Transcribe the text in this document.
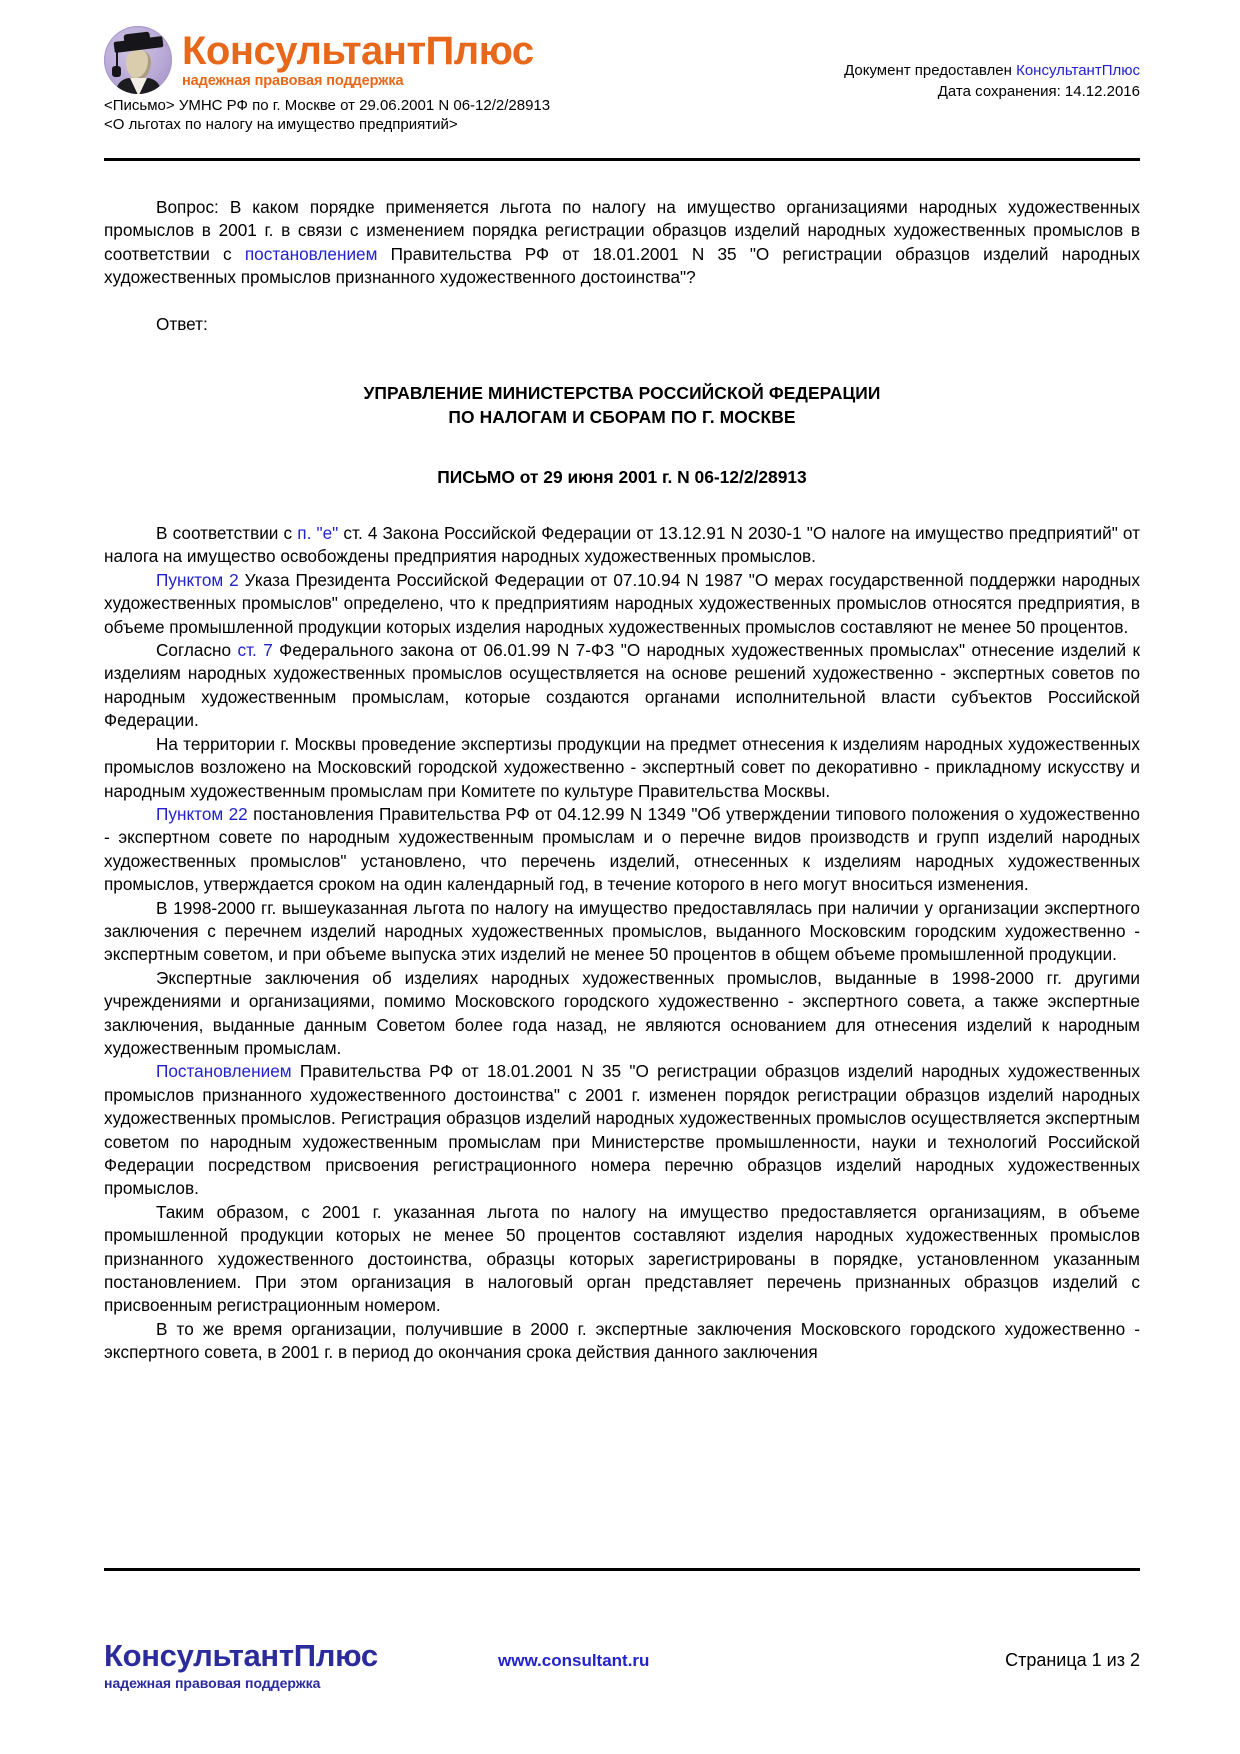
КонсультантПлюс
надежная правовая поддержка
<Письмо> УМНС РФ по г. Москве от 29.06.2001 N 06-12/2/28913
<О льготах по налогу на имущество предприятий>
Документ предоставлен КонсультантПлюс
Дата сохранения: 14.12.2016

Вопрос: В каком порядке применяется льгота по налогу на имущество организациями народных художественных промыслов в 2001 г. в связи с изменением порядка регистрации образцов изделий народных художественных промыслов в соответствии с постановлением Правительства РФ от 18.01.2001 N 35 "О регистрации образцов изделий народных художественных промыслов признанного художественного достоинства"?

Ответ:

УПРАВЛЕНИЕ МИНИСТЕРСТВА РОССИЙСКОЙ ФЕДЕРАЦИИ
ПО НАЛОГАМ И СБОРАМ ПО Г. МОСКВЕ
ПИСЬМО от 29 июня 2001 г. N 06-12/2/28913

В соответствии с п. "е" ст. 4 Закона Российской Федерации от 13.12.91 N 2030-1 "О налоге на имущество предприятий" от налога на имущество освобождены предприятия народных художественных промыслов.

Пунктом 2 Указа Президента Российской Федерации от 07.10.94 N 1987 "О мерах государственной поддержки народных художественных промыслов" определено, что к предприятиям народных художественных промыслов относятся предприятия, в объеме промышленной продукции которых изделия народных художественных промыслов составляют не менее 50 процентов.

Согласно ст. 7 Федерального закона от 06.01.99 N 7-ФЗ "О народных художественных промыслах" отнесение изделий к изделиям народных художественных промыслов осуществляется на основе решений художественно - экспертных советов по народным художественным промыслам, которые создаются органами исполнительной власти субъектов Российской Федерации.

На территории г. Москвы проведение экспертизы продукции на предмет отнесения к изделиям народных художественных промыслов возложено на Московский городской художественно - экспертный совет по декоративно - прикладному искусству и народным художественным промыслам при Комитете по культуре Правительства Москвы.

Пунктом 22 постановления Правительства РФ от 04.12.99 N 1349 "Об утверждении типового положения о художественно - экспертном совете по народным художественным промыслам и о перечне видов производств и групп изделий народных художественных промыслов" установлено, что перечень изделий, отнесенных к изделиям народных художественных промыслов, утверждается сроком на один календарный год, в течение которого в него могут вноситься изменения.

В 1998-2000 гг. вышеуказанная льгота по налогу на имущество предоставлялась при наличии у организации экспертного заключения с перечнем изделий народных художественных промыслов, выданного Московским городским художественно - экспертным советом, и при объеме выпуска этих изделий не менее 50 процентов в общем объеме промышленной продукции.

Экспертные заключения об изделиях народных художественных промыслов, выданные в 1998-2000 гг. другими учреждениями и организациями, помимо Московского городского художественно - экспертного совета, а также экспертные заключения, выданные данным Советом более года назад, не являются основанием для отнесения изделий к народным художественным промыслам.

Постановлением Правительства РФ от 18.01.2001 N 35 "О регистрации образцов изделий народных художественных промыслов признанного художественного достоинства" с 2001 г. изменен порядок регистрации образцов изделий народных художественных промыслов. Регистрация образцов изделий народных художественных промыслов осуществляется экспертным советом по народным художественным промыслам при Министерстве промышленности, науки и технологий Российской Федерации посредством присвоения регистрационного номера перечню образцов изделий народных художественных промыслов.

Таким образом, с 2001 г. указанная льгота по налогу на имущество предоставляется организациям, в объеме промышленной продукции которых не менее 50 процентов составляют изделия народных художественных промыслов признанного художественного достоинства, образцы которых зарегистрированы в порядке, установленном указанным постановлением. При этом организация в налоговый орган представляет перечень признанных образцов изделий с присвоенным регистрационным номером.

В то же время организации, получившие в 2000 г. экспертные заключения Московского городского художественно - экспертного совета, в 2001 г. в период до окончания срока действия данного заключения

КонсультантПлюс
надежная правовая поддержка
www.consultant.ru	Страница 1 из 2
